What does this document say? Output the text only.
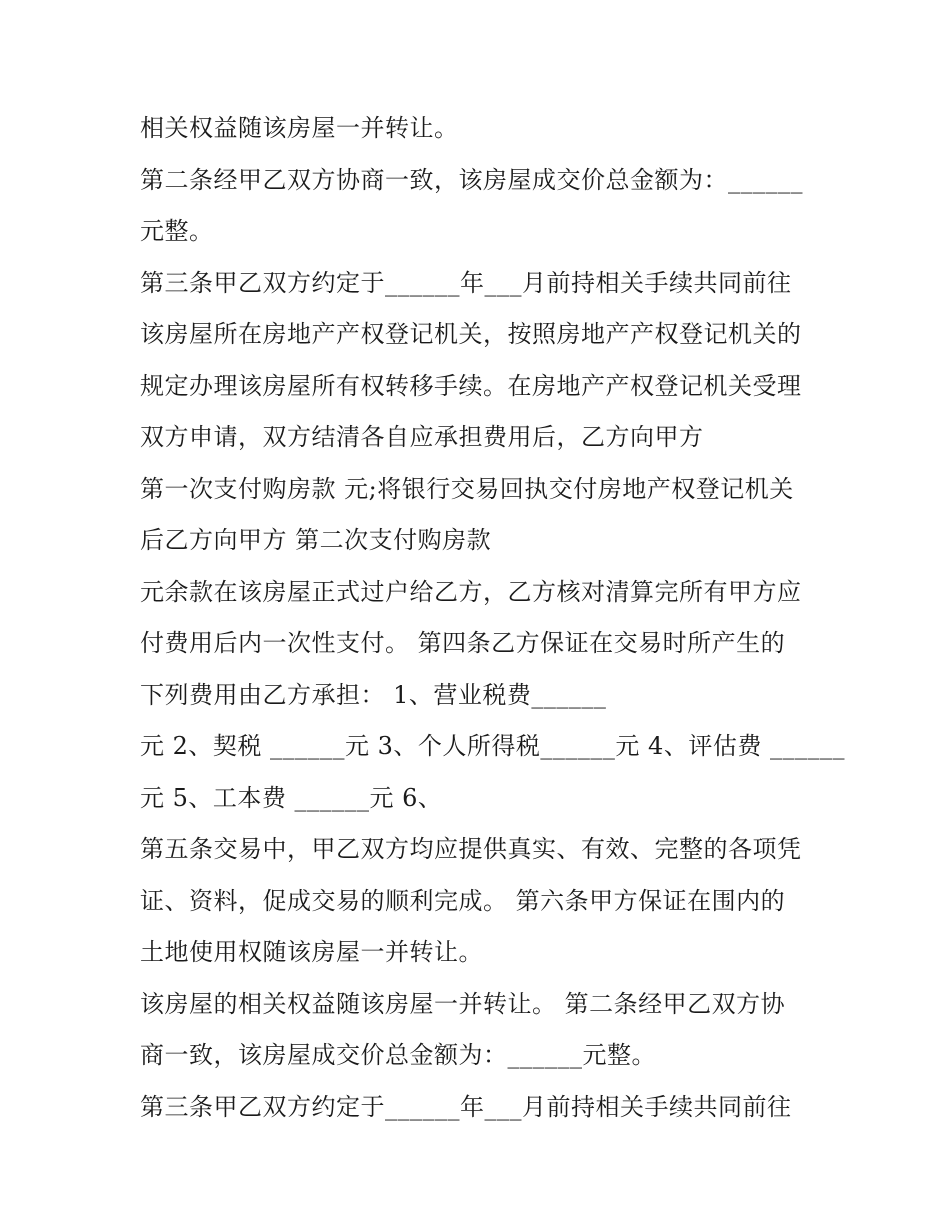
相关权益随该房屋一并转让。
第二条经甲乙双方协商一致，该房屋成交价总金额为：______
元整。
第三条甲乙双方约定于______年___月前持相关手续共同前往
该房屋所在房地产产权登记机关，按照房地产产权登记机关的
规定办理该房屋所有权转移手续。在房地产产权登记机关受理
双方申请，双方结清各自应承担费用后，乙方向甲方
第一次支付购房款 元;将银行交易回执交付房地产权登记机关
后乙方向甲方 第二次支付购房款
元余款在该房屋正式过户给乙方，乙方核对清算完所有甲方应
付费用后内一次性支付。 第四条乙方保证在交易时所产生的
下列费用由乙方承担： 1、营业税费______
元 2、契税 ______元 3、个人所得税______元 4、评估费 ______
元 5、工本费 ______元 6、
第五条交易中，甲乙双方均应提供真实、有效、完整的各项凭
证、资料，促成交易的顺利完成。 第六条甲方保证在围内的
土地使用权随该房屋一并转让。
该房屋的相关权益随该房屋一并转让。 第二条经甲乙双方协
商一致，该房屋成交价总金额为：______元整。
第三条甲乙双方约定于______年___月前持相关手续共同前往
